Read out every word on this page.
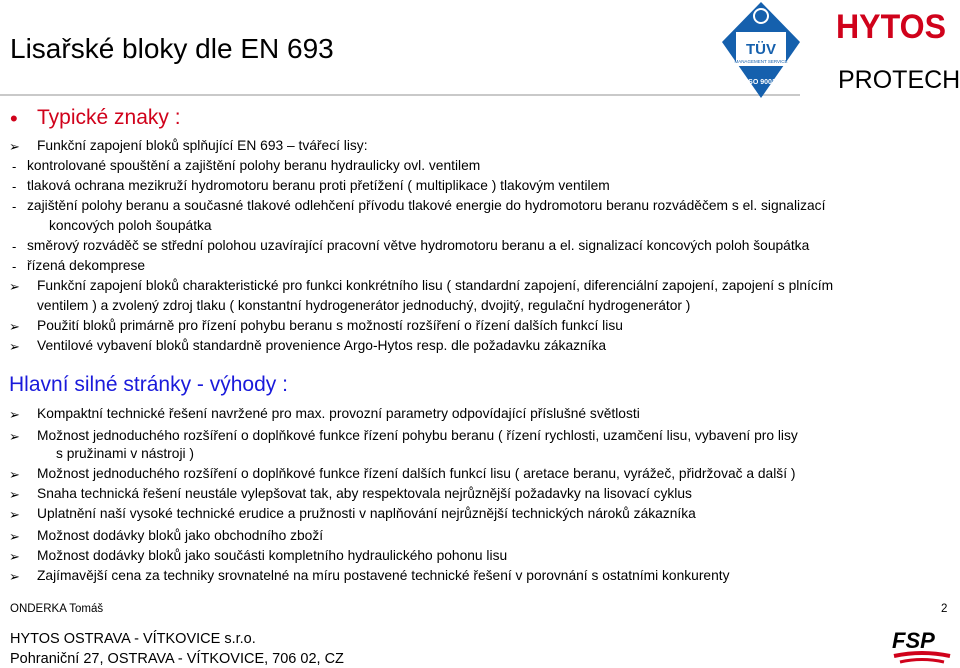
Lisařské bloky dle EN 693	TÜV
MANAGEMENT SERVICE
ISO 9001
HYTOS
PROTECH
• Typické znaky :
➢ Funkční zapojení bloků splňující EN 693 – tvářecí lisy:
- kontrolované spouštění a zajištění polohy beranu hydraulicky ovl. ventilem
- tlaková ochrana mezikruží hydromotoru beranu proti přetížení ( multiplikace ) tlakovým ventilem
- zajištění polohy beranu a současné tlakové odlehčení přívodu tlakové energie do hydromotoru beranu rozváděčem s el. signalizací
koncových poloh šoupátka
- směrový rozváděč se střední polohou uzavírající pracovní větve hydromotoru beranu a el. signalizací koncových poloh šoupátka
- řízená dekomprese
➢ Funkční zapojení bloků charakteristické pro funkci konkrétního lisu ( standardní zapojení, diferenciální zapojení, zapojení s plnícím
ventilem ) a zvolený zdroj tlaku ( konstantní hydrogenerátor jednoduchý, dvojitý, regulační hydrogenerátor )
➢ Použití bloků primárně pro řízení pohybu beranu s možností rozšíření o řízení dalších funkcí lisu
➢ Ventilové vybavení bloků standardně provenience Argo-Hytos resp. dle požadavku zákazníka
Hlavní silné stránky - výhody :
➢ Kompaktní technické řešení navržené pro max. provozní parametry odpovídající příslušné světlosti
➢ Možnost jednoduchého rozšíření o doplňkové funkce řízení pohybu beranu ( řízení rychlosti, uzamčení lisu, vybavení pro lisy
s pružinami v nástroji )
➢ Možnost jednoduchého rozšíření o doplňkové funkce řízení dalších funkcí lisu ( aretace beranu, vyrážeč, přidržovač a další )
➢ Snaha technická řešení neustále vylepšovat tak, aby respektovala nejrůznější požadavky na lisovací cyklus
➢ Uplatnění naší vysoké technické erudice a pružnosti v naplňování nejrůznější technických nároků zákazníka
➢ Možnost dodávky bloků jako obchodního zboží
➢ Možnost dodávky bloků jako součásti kompletního hydraulického pohonu lisu
➢ Zajímavější cena za techniky srovnatelné na míru postavené technické řešení v porovnání s ostatními konkurenty
ONDERKA Tomáš	2
HYTOS OSTRAVA - VÍTKOVICE s.r.o.
Pohraniční 27, OSTRAVA - VÍTKOVICE, 706 02, CZ
FSP
